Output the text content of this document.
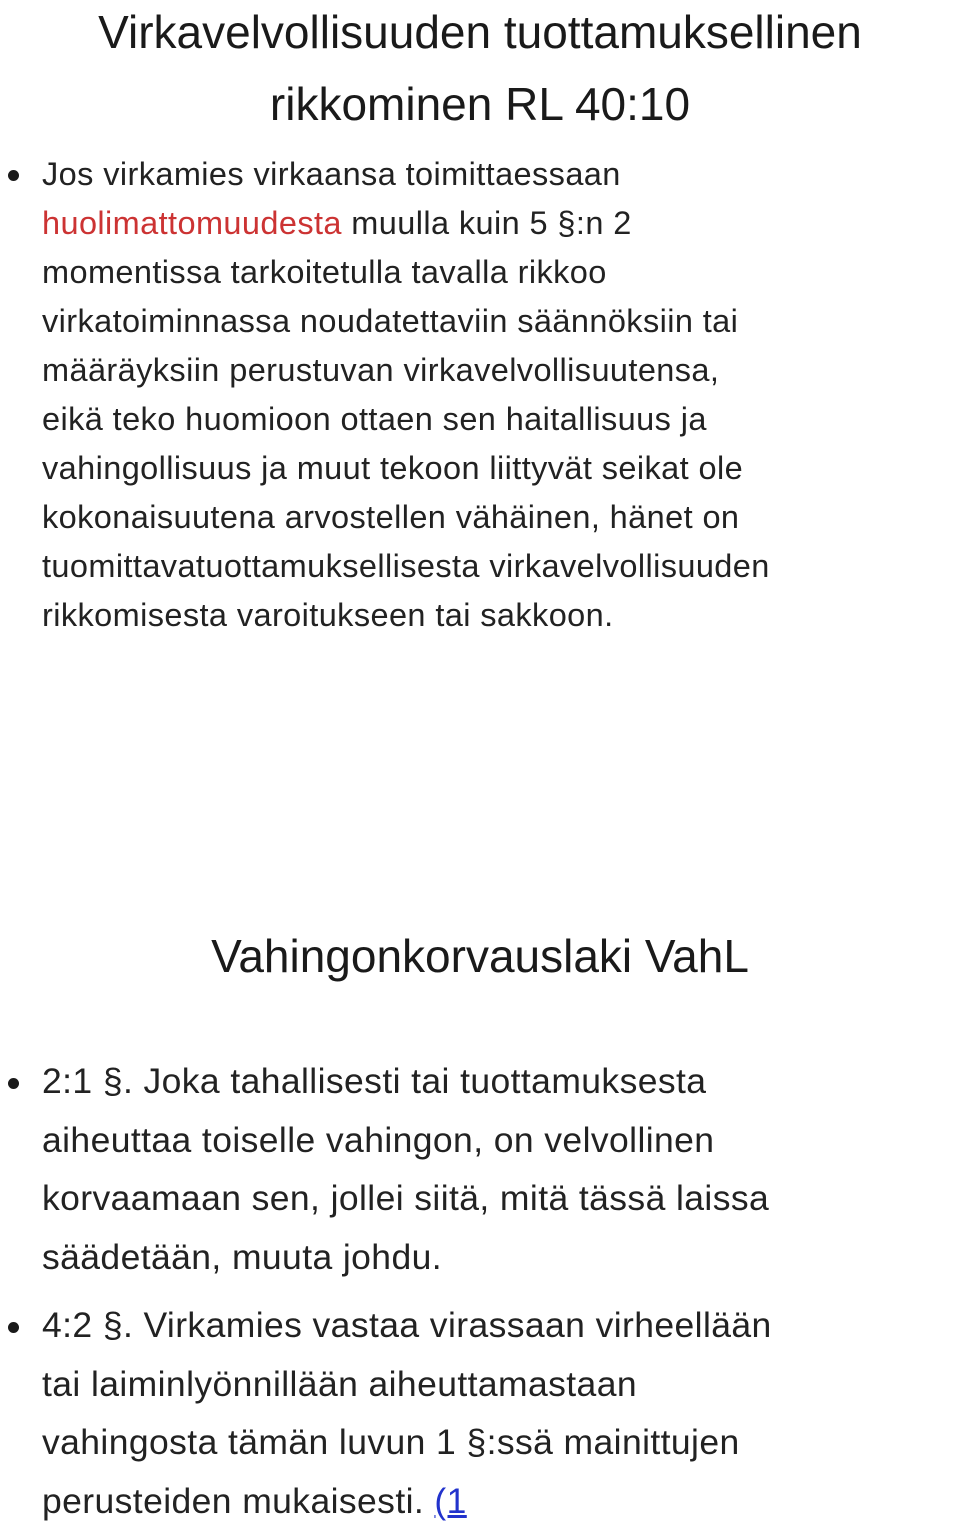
Virkavelvollisuuden tuottamuksellinen
rikkominen RL 40:10
Jos virkamies virkaansa toimittaessaan
huolimattomuudesta muulla kuin 5 §:n 2
momentissa tarkoitetulla tavalla rikkoo
virkatoiminnassa noudatettaviin säännöksiin tai
määräyksiin perustuvan virkavelvollisuutensa,
eikä teko huomioon ottaen sen haitallisuus ja
vahingollisuus ja muut tekoon liittyvät seikat ole
kokonaisuutena arvostellen vähäinen, hänet on
tuomittavatuottamuksellisesta virkavelvollisuuden
rikkomisesta varoitukseen tai sakkoon.
Vahingonkorvauslaki VahL
2:1 §. Joka tahallisesti tai tuottamuksesta
aiheuttaa toiselle vahingon, on velvollinen
korvaamaan sen, jollei siitä, mitä tässä laissa
säädetään, muuta johdu.
4:2 §. Virkamies vastaa virassaan virheellään
tai laiminlyönnillään aiheuttamastaan
vahingosta tämän luvun 1 §:ssä mainittujen
perusteiden mukaisesti. (1
